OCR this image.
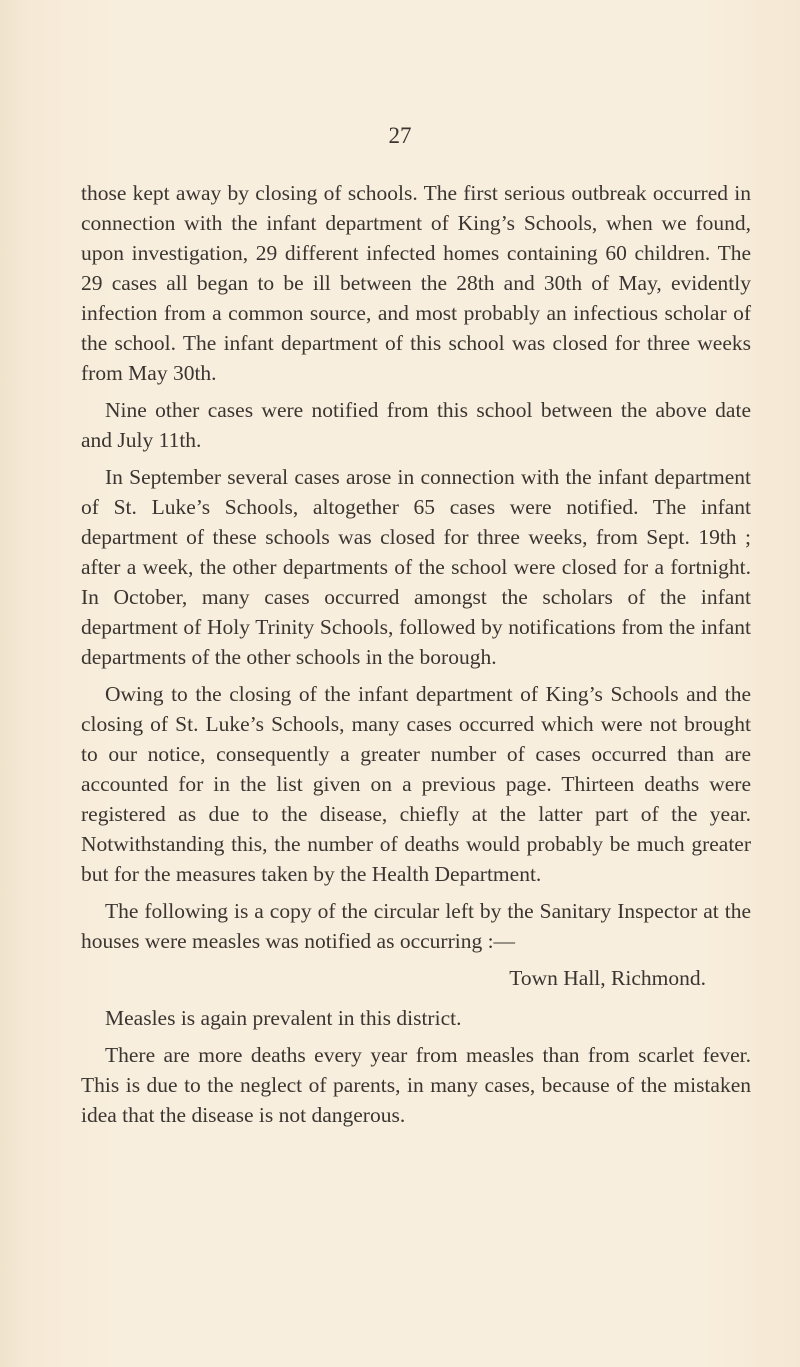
27

those kept away by closing of schools. The first serious outbreak occurred in connection with the infant department of King’s Schools, when we found, upon investigation, 29 different infected homes containing 60 children. The 29 cases all began to be ill between the 28th and 30th of May, evidently infection from a common source, and most probably an infectious scholar of the school. The infant department of this school was closed for three weeks from May 30th.

Nine other cases were notified from this school between the above date and July 11th.

In September several cases arose in connection with the infant department of St. Luke’s Schools, altogether 65 cases were notified. The infant department of these schools was closed for three weeks, from Sept. 19th ; after a week, the other departments of the school were closed for a fortnight. In October, many cases occurred amongst the scholars of the infant department of Holy Trinity Schools, followed by notifications from the infant departments of the other schools in the borough.

Owing to the closing of the infant department of King’s Schools and the closing of St. Luke’s Schools, many cases occurred which were not brought to our notice, consequently a greater number of cases occurred than are accounted for in the list given on a previous page. Thirteen deaths were registered as due to the disease, chiefly at the latter part of the year. Notwithstanding this, the number of deaths would probably be much greater but for the measures taken by the Health Department.

The following is a copy of the circular left by the Sanitary Inspector at the houses were measles was notified as occurring :—

Town Hall, Richmond.

Measles is again prevalent in this district.

There are more deaths every year from measles than from scarlet fever. This is due to the neglect of parents, in many cases, because of the mistaken idea that the disease is not dangerous.
